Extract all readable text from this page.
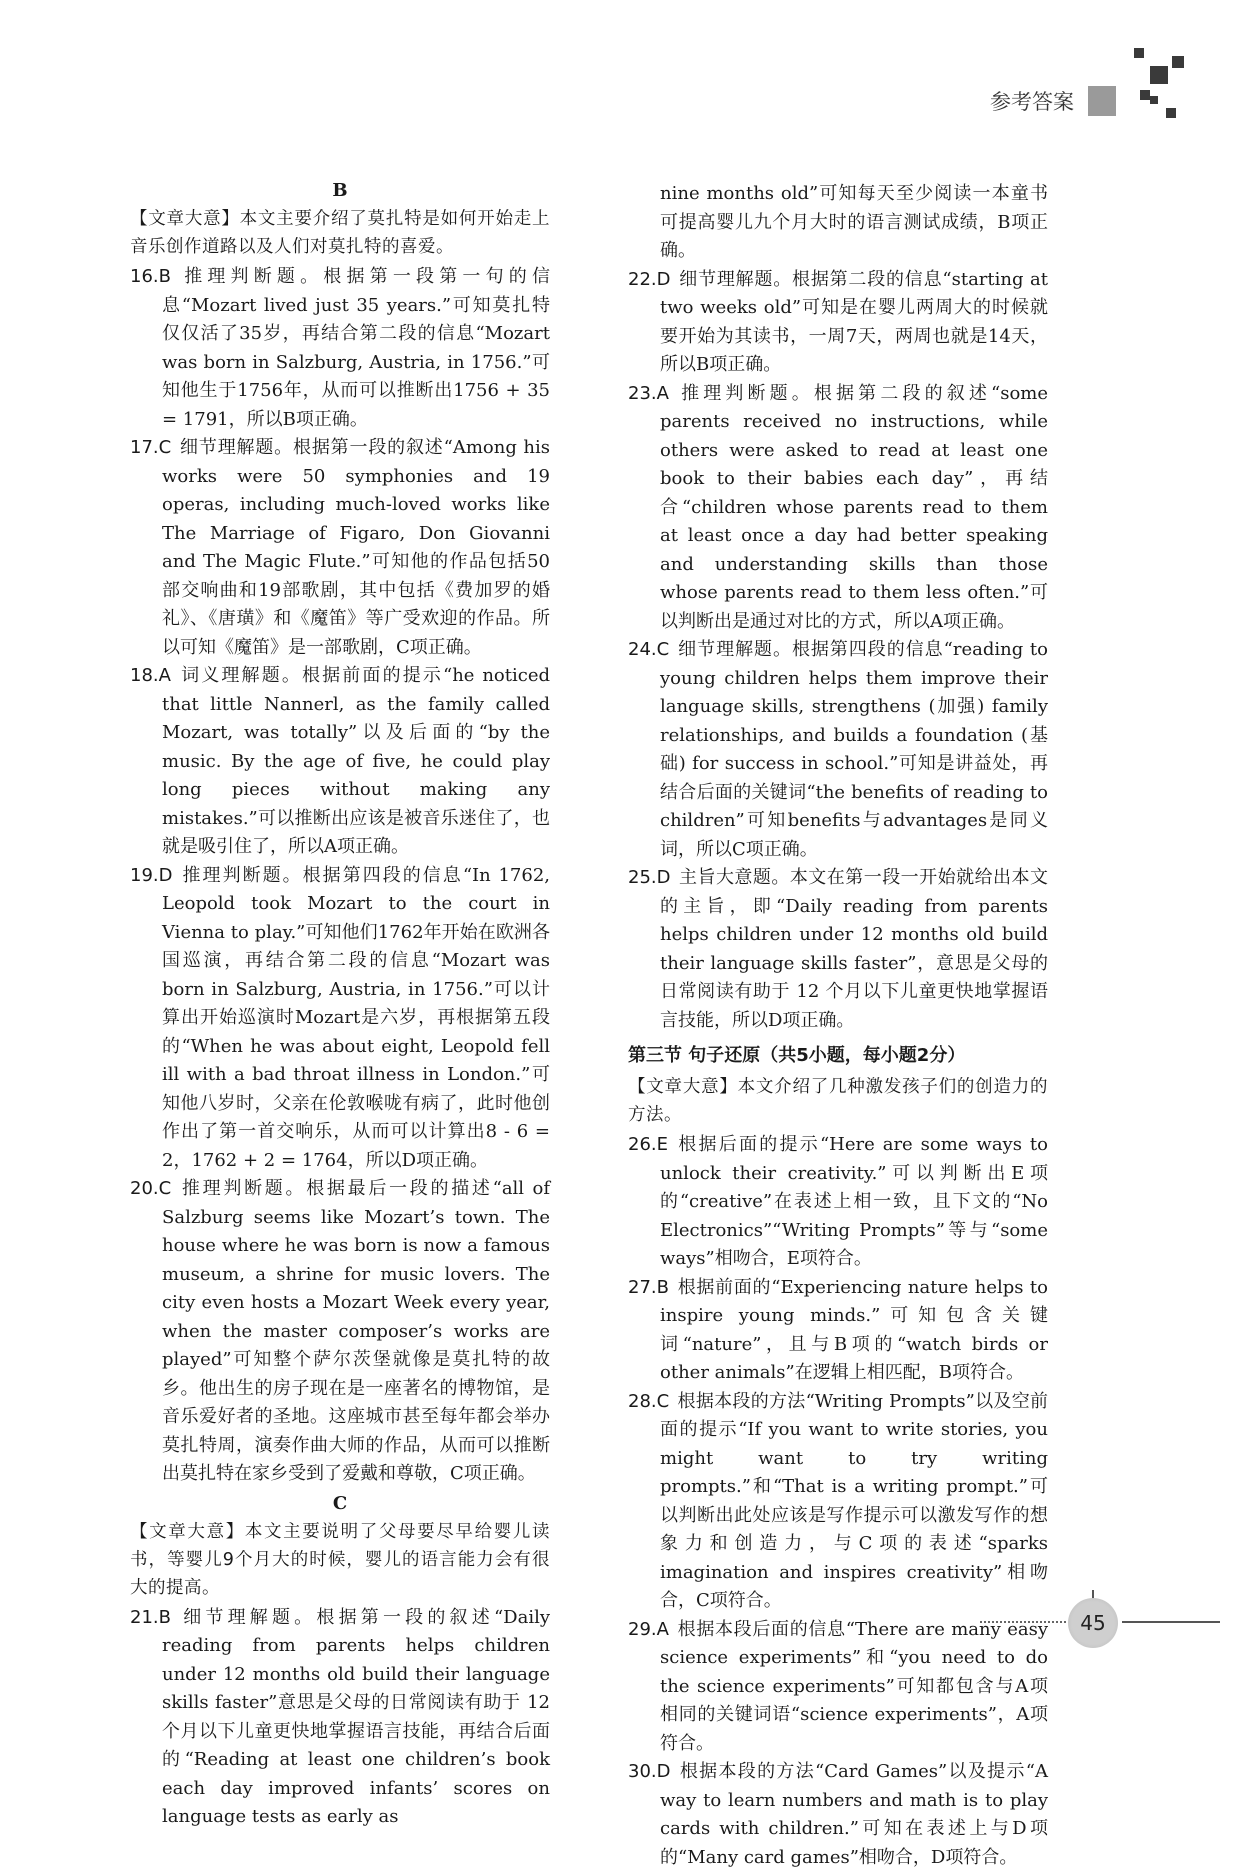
参考答案

B

【文章大意】本文主要介绍了莫扎特是如何开始走上音乐创作道路以及人们对莫扎特的喜爱。

16.B 推理判断题。根据第一段第一句的信息“Mozart lived just 35 years.”可知莫扎特仅仅活了35岁，再结合第二段的信息“Mozart was born in Salzburg, Austria, in 1756.”可知他生于1756年，从而可以推断出1756 + 35 = 1791，所以B项正确。

17.C 细节理解题。根据第一段的叙述“Among his works were 50 symphonies and 19 operas, including much-loved works like The Marriage of Figaro, Don Giovanni and The Magic Flute.”可知他的作品包括50部交响曲和19部歌剧，其中包括《费加罗的婚礼》、《唐璜》和《魔笛》等广受欢迎的作品。所以可知《魔笛》是一部歌剧，C项正确。

18.A 词义理解题。根据前面的提示“he noticed that little Nannerl, as the family called Mozart, was totally”以及后面的“by the music. By the age of five, he could play long pieces without making any mistakes.”可以推断出应该是被音乐迷住了，也就是吸引住了，所以A项正确。

19.D 推理判断题。根据第四段的信息“In 1762, Leopold took Mozart to the court in Vienna to play.”可知他们1762年开始在欧洲各国巡演，再结合第二段的信息“Mozart was born in Salzburg, Austria, in 1756.”可以计算出开始巡演时Mozart是六岁，再根据第五段的“When he was about eight, Leopold fell ill with a bad throat illness in London.”可知他八岁时，父亲在伦敦喉咙有病了，此时他创作出了第一首交响乐，从而可以计算出8 - 6 = 2，1762 + 2 = 1764，所以D项正确。

20.C 推理判断题。根据最后一段的描述“all of Salzburg seems like Mozart’s town. The house where he was born is now a famous museum, a shrine for music lovers. The city even hosts a Mozart Week every year, when the master composer’s works are played”可知整个萨尔茨堡就像是莫扎特的故乡。他出生的房子现在是一座著名的博物馆，是音乐爱好者的圣地。这座城市甚至每年都会举办莫扎特周，演奏作曲大师的作品，从而可以推断出莫扎特在家乡受到了爱戴和尊敬，C项正确。

C

【文章大意】本文主要说明了父母要尽早给婴儿读书，等婴儿9个月大的时候，婴儿的语言能力会有很大的提高。

21.B 细节理解题。根据第一段的叙述“Daily reading from parents helps children under 12 months old build their language skills faster”意思是父母的日常阅读有助于 12 个月以下儿童更快地掌握语言技能，再结合后面的“Reading at least one children’s book each day improved infants’ scores on language tests as early as

nine months old”可知每天至少阅读一本童书可提高婴儿九个月大时的语言测试成绩，B项正确。

22.D 细节理解题。根据第二段的信息“starting at two weeks old”可知是在婴儿两周大的时候就要开始为其读书，一周7天，两周也就是14天，所以B项正确。

23.A 推理判断题。根据第二段的叙述“some parents received no instructions, while others were asked to read at least one book to their babies each day”，再结合“children whose parents read to them at least once a day had better speaking and understanding skills than those whose parents read to them less often.”可以判断出是通过对比的方式，所以A项正确。

24.C 细节理解题。根据第四段的信息“reading to young children helps them improve their language skills, strengthens (加强) family relationships, and builds a foundation (基础) for success in school.”可知是讲益处，再结合后面的关键词“the benefits of reading to children”可知benefits与advantages是同义词，所以C项正确。

25.D 主旨大意题。本文在第一段一开始就给出本文的主旨，即“Daily reading from parents helps children under 12 months old build their language skills faster”，意思是父母的日常阅读有助于 12 个月以下儿童更快地掌握语言技能，所以D项正确。

第三节 句子还原（共5小题，每小题2分）

【文章大意】本文介绍了几种激发孩子们的创造力的方法。

26.E 根据后面的提示“Here are some ways to unlock their creativity.”可以判断出E项的“creative”在表述上相一致，且下文的“No Electronics”“Writing Prompts”等与“some ways”相吻合，E项符合。

27.B 根据前面的“Experiencing nature helps to inspire young minds.”可知包含关键词“nature”，且与B项的“watch birds or other animals”在逻辑上相匹配，B项符合。

28.C 根据本段的方法“Writing Prompts”以及空前面的提示“If you want to write stories, you might want to try writing prompts.”和“That is a writing prompt.”可以判断出此处应该是写作提示可以激发写作的想象力和创造力，与C项的表述“sparks imagination and inspires creativity”相吻合，C项符合。

29.A 根据本段后面的信息“There are many easy science experiments”和“you need to do the science experiments”可知都包含与A项相同的关键词语“science experiments”，A项符合。

30.D 根据本段的方法“Card Games”以及提示“A way to learn numbers and math is to play cards with children.”可知在表述上与D项的“Many card games”相吻合，D项符合。

45
